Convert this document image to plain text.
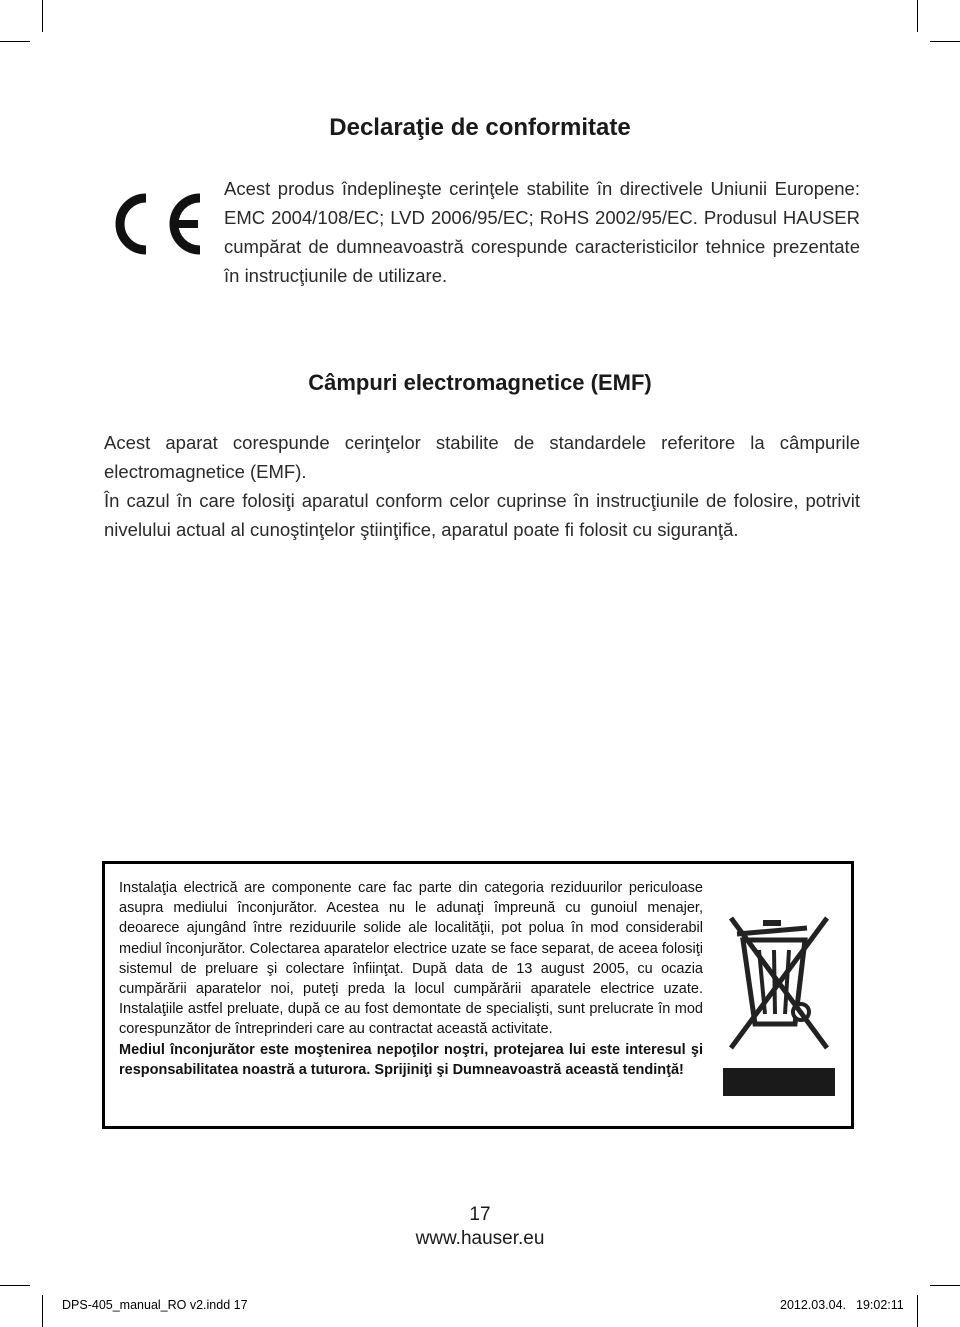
Declaraţie de conformitate

Acest produs îndeplineşte cerinţele stabilite în directivele Uniunii Europene: EMC 2004/108/EC; LVD 2006/95/EC; RoHS 2002/95/EC. Produsul HAUSER cumpărat de dumneavoastră corespunde caracteristicilor tehnice prezentate în instrucţiunile de utilizare.

Câmpuri electromagnetice (EMF)

Acest aparat corespunde cerinţelor stabilite de standardele referitore la câmpurile electromagnetice (EMF).

În cazul în care folosiţi aparatul conform celor cuprinse în instrucţiunile de folosire, potrivit nivelului actual al cunoştinţelor ştiinţifice, aparatul poate fi folosit cu siguranţă.

Instalaţia electrică are componente care fac parte din categoria reziduurilor periculoase asupra mediului înconjurător. Acestea nu le adunaţi împreună cu gunoiul menajer, deoarece ajungând între reziduurile solide ale localităţii, pot polua în mod considerabil mediul înconjurător. Colectarea aparatelor electrice uzate se face separat, de aceea folosiţi sistemul de preluare şi colectare înfiinţat. După data de 13 august 2005, cu ocazia cumpărării aparatelor noi, puteţi preda la locul cumpărării aparatele electrice uzate. Instalaţiile astfel preluate, după ce au fost demontate de specialişti, sunt prelucrate în mod corespunzător de întreprinderi care au contractat această activitate.

Mediul înconjurător este moştenirea nepoţilor noştri, protejarea lui este interesul şi responsabilitatea noastră a tuturora. Sprijiniţi şi Dumneavoastră această tendinţă!

17

www.hauser.eu

DPS-405_manual_RO v2.indd 17	2012.03.04. 19:02:11
